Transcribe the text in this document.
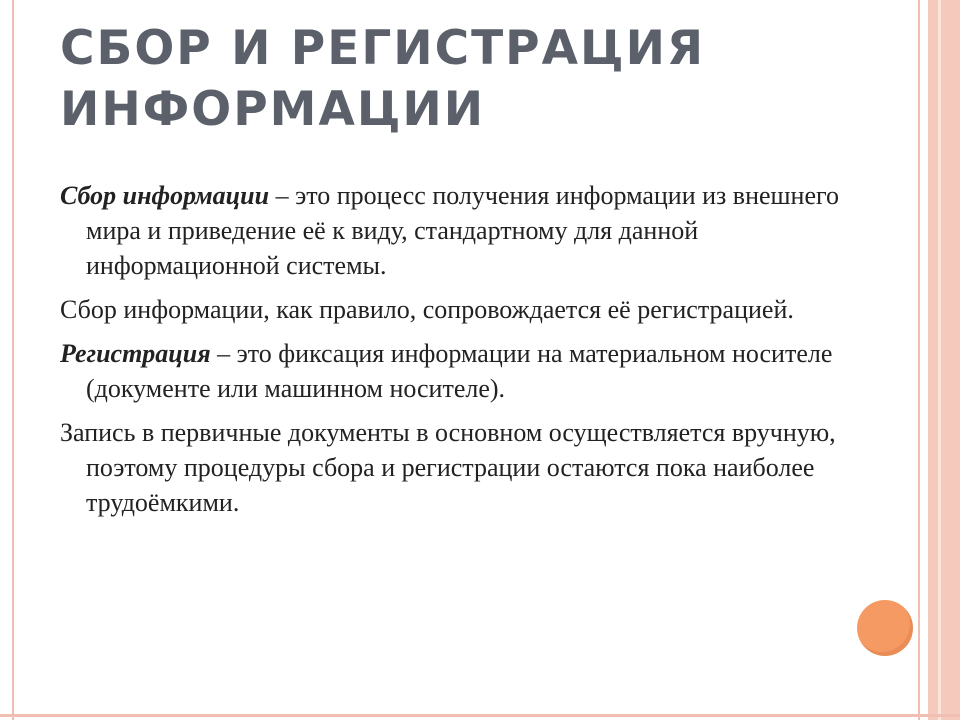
СБОР И РЕГИСТРАЦИЯ ИНФОРМАЦИИ

Сбор информации – это процесс получения информации из внешнего мира и приведение её к виду, стандартному для данной информационной системы.

Сбор информации, как правило, сопровождается её регистрацией.

Регистрация – это фиксация информации на материальном носителе (документе или машинном носителе).

Запись в первичные документы в основном осуществляется вручную, поэтому процедуры сбора и регистрации остаются пока наиболее трудоёмкими.
